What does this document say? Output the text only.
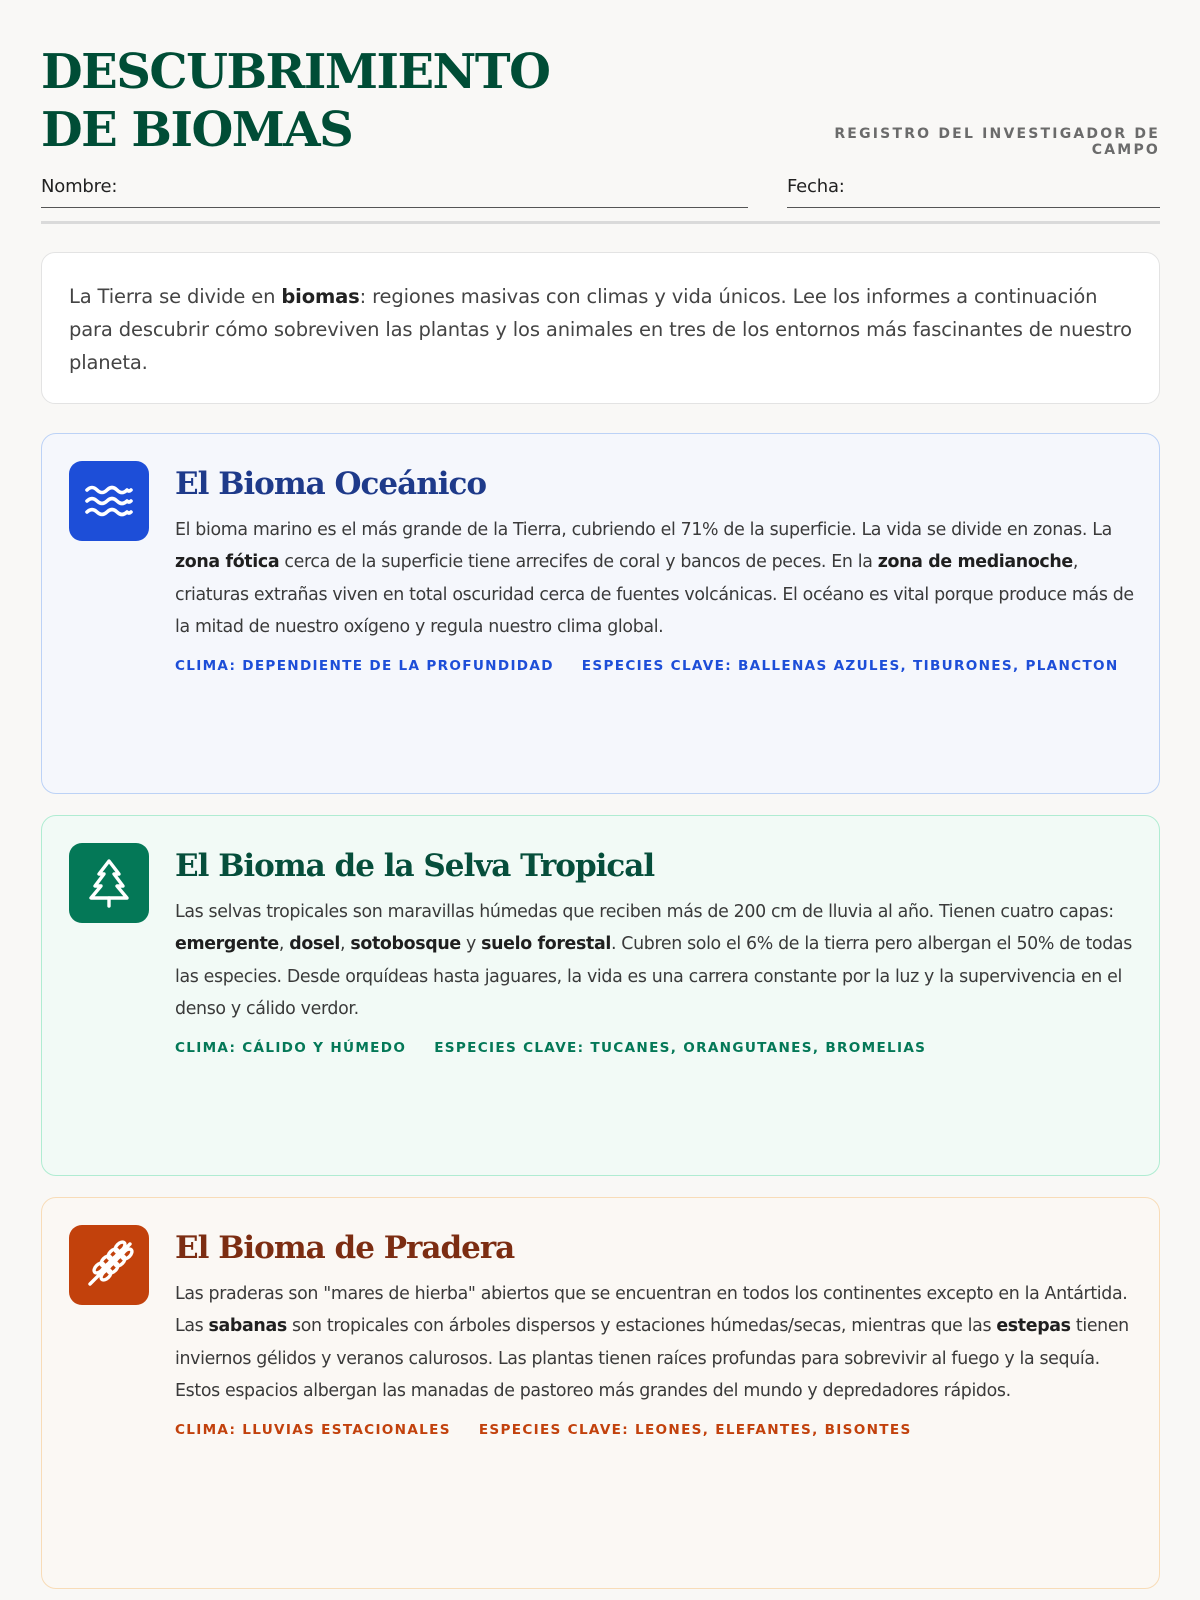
DESCUBRIMIENTO DE BIOMAS	REGISTRO DEL INVESTIGADOR DE CAMPO
Nombre:	Fecha:

La Tierra se divide en biomas: regiones masivas con climas y vida únicos. Lee los informes a continuación para descubrir cómo sobreviven las plantas y los animales en tres de los entornos más fascinantes de nuestro planeta.

El Bioma Oceánico
El bioma marino es el más grande de la Tierra, cubriendo el 71% de la superficie. La vida se divide en zonas. La zona fótica cerca de la superficie tiene arrecifes de coral y bancos de peces. En la zona de medianoche, criaturas extrañas viven en total oscuridad cerca de fuentes volcánicas. El océano es vital porque produce más de la mitad de nuestro oxígeno y regula nuestro clima global.
CLIMA: DEPENDIENTE DE LA PROFUNDIDAD ESPECIES CLAVE: BALLENAS AZULES, TIBURONES, PLANCTON
El Bioma de la Selva Tropical
Las selvas tropicales son maravillas húmedas que reciben más de 200 cm de lluvia al año. Tienen cuatro capas: emergente, dosel, sotobosque y suelo forestal. Cubren solo el 6% de la tierra pero albergan el 50% de todas las especies. Desde orquídeas hasta jaguares, la vida es una carrera constante por la luz y la supervivencia en el denso y cálido verdor.
CLIMA: CÁLIDO Y HÚMEDO ESPECIES CLAVE: TUCANES, ORANGUTANES, BROMELIAS
El Bioma de Pradera
Las praderas son "mares de hierba" abiertos que se encuentran en todos los continentes excepto en la Antártida. Las sabanas son tropicales con árboles dispersos y estaciones húmedas/secas, mientras que las estepas tienen inviernos gélidos y veranos calurosos. Las plantas tienen raíces profundas para sobrevivir al fuego y la sequía. Estos espacios albergan las manadas de pastoreo más grandes del mundo y depredadores rápidos.
CLIMA: LLUVIAS ESTACIONALES ESPECIES CLAVE: LEONES, ELEFANTES, BISONTES
